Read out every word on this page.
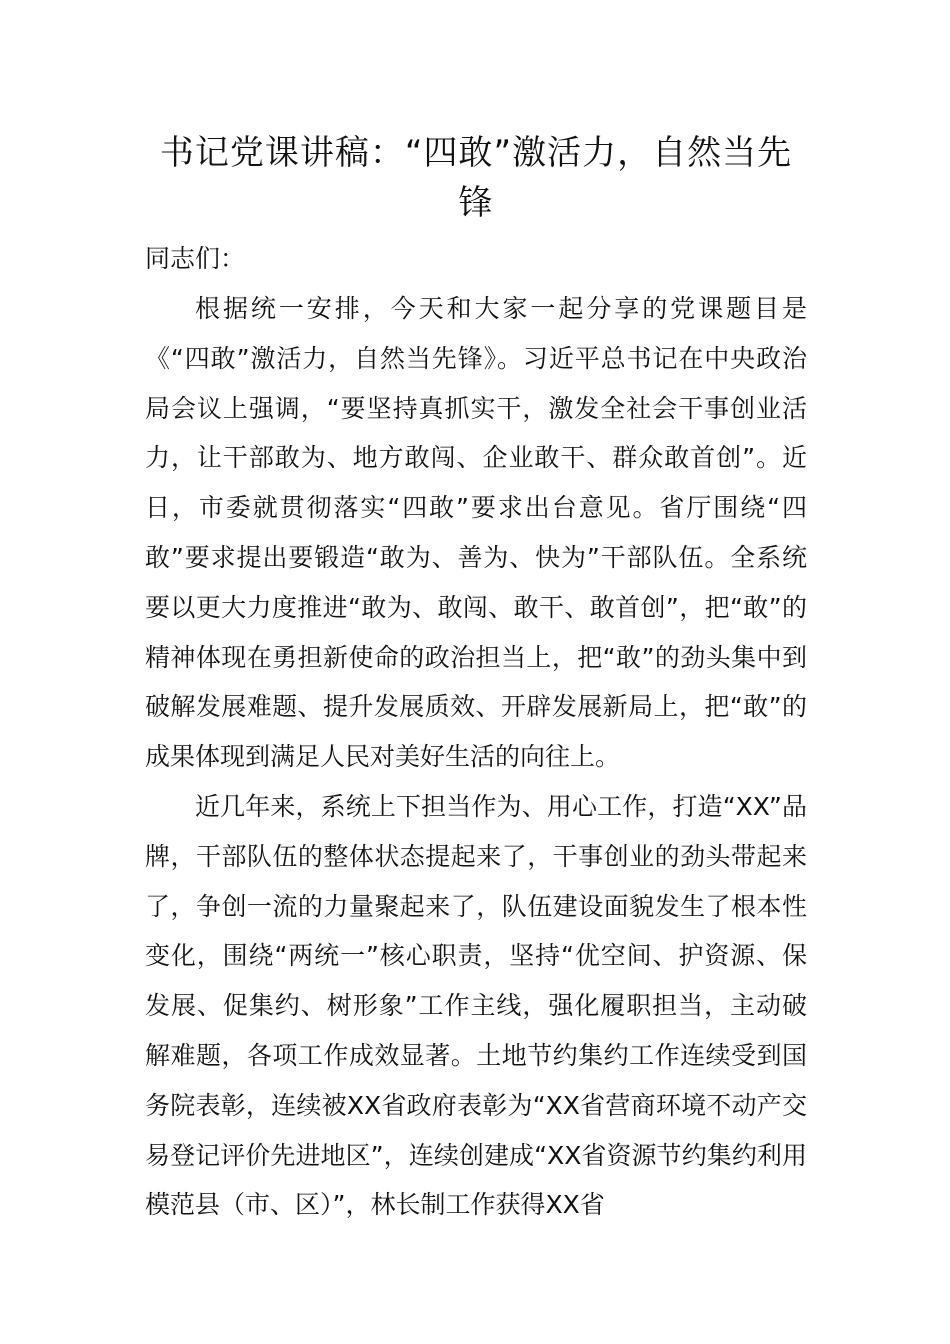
书记党课讲稿：“四敢”激活力，自然当先锋

同志们：

根据统一安排，今天和大家一起分享的党课题目是《“四敢”激活力，自然当先锋》。习近平总书记在中央政治局会议上强调，“要坚持真抓实干，激发全社会干事创业活力，让干部敢为、地方敢闯、企业敢干、群众敢首创”。近日，市委就贯彻落实“四敢”要求出台意见。省厅围绕“四敢”要求提出要锻造“敢为、善为、快为”干部队伍。全系统要以更大力度推进“敢为、敢闯、敢干、敢首创”，把“敢”的精神体现在勇担新使命的政治担当上，把“敢”的劲头集中到破解发展难题、提升发展质效、开辟发展新局上，把“敢”的成果体现到满足人民对美好生活的向往上。

近几年来，系统上下担当作为、用心工作，打造“XX”品牌，干部队伍的整体状态提起来了，干事创业的劲头带起来了，争创一流的力量聚起来了，队伍建设面貌发生了根本性变化，围绕“两统一”核心职责，坚持“优空间、护资源、保发展、促集约、树形象”工作主线，强化履职担当，主动破解难题，各项工作成效显著。土地节约集约工作连续受到国务院表彰，连续被XX省政府表彰为“XX省营商环境不动产交易登记评价先进地区”，连续创建成“XX省资源节约集约利用模范县（市、区）”，林长制工作获得XX省
